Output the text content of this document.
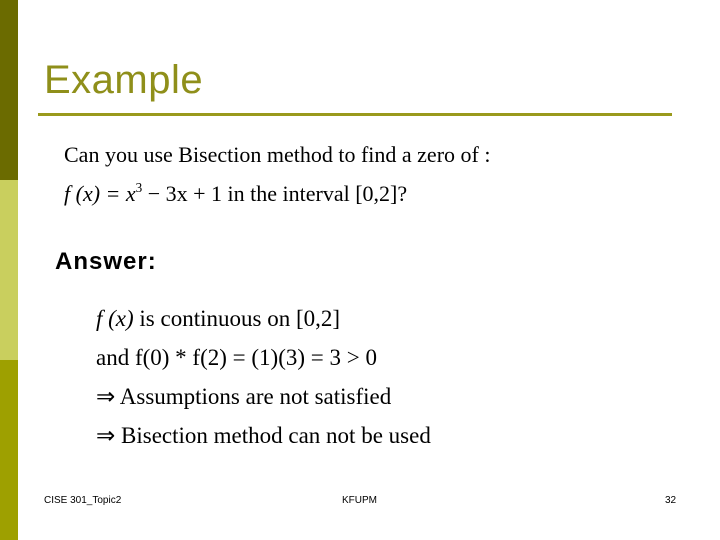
Example
Can you use Bisection method to find a zero of :
f $(x) = x^3 - 3x + 1$ in the interval [0,2]?
Answer:
f (x) is continuous on [0,2]
and f(0) * f(2) = (1)(3) = 3 > 0
⇒ Assumptions are not satisfied
⇒ Bisection method can not be used
CISE 301_Topic2	KFUPM	32
